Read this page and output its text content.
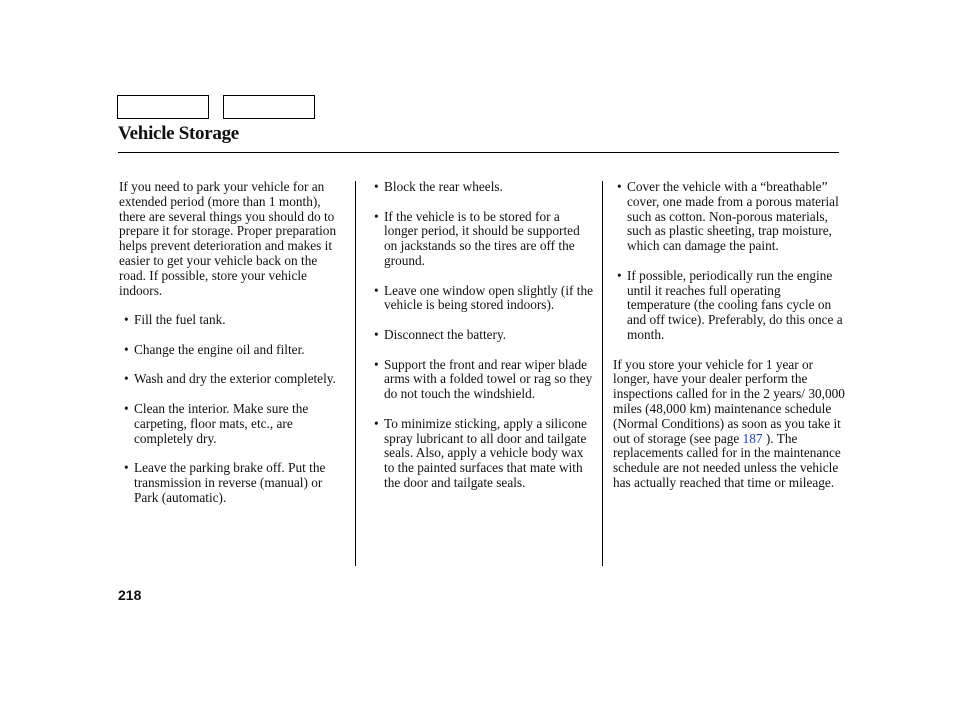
Vehicle Storage

If you need to park your vehicle for an extended period (more than 1 month), there are several things you should do to prepare it for storage. Proper preparation helps prevent deterioration and makes it easier to get your vehicle back on the road. If possible, store your vehicle indoors.

• Fill the fuel tank.
• Change the engine oil and filter.
• Wash and dry the exterior completely.
• Clean the interior. Make sure the carpeting, floor mats, etc., are completely dry.
• Leave the parking brake off. Put the transmission in reverse (manual) or Park (automatic).
• Block the rear wheels.
• If the vehicle is to be stored for a longer period, it should be supported on jackstands so the tires are off the ground.
• Leave one window open slightly (if the vehicle is being stored indoors).
• Disconnect the battery.
• Support the front and rear wiper blade arms with a folded towel or rag so they do not touch the windshield.
• To minimize sticking, apply a silicone spray lubricant to all door and tailgate seals. Also, apply a vehicle body wax to the painted surfaces that mate with the door and tailgate seals.
• Cover the vehicle with a “breathable” cover, one made from a porous material such as cotton. Non-porous materials, such as plastic sheeting, trap moisture, which can damage the paint.
• If possible, periodically run the engine until it reaches full operating temperature (the cooling fans cycle on and off twice). Preferably, do this once a month.

If you store your vehicle for 1 year or longer, have your dealer perform the inspections called for in the 2 years/ 30,000 miles (48,000 km) maintenance schedule (Normal Conditions) as soon as you take it out of storage (see page 187 ). The replacements called for in the maintenance schedule are not needed unless the vehicle has actually reached that time or mileage.

218
